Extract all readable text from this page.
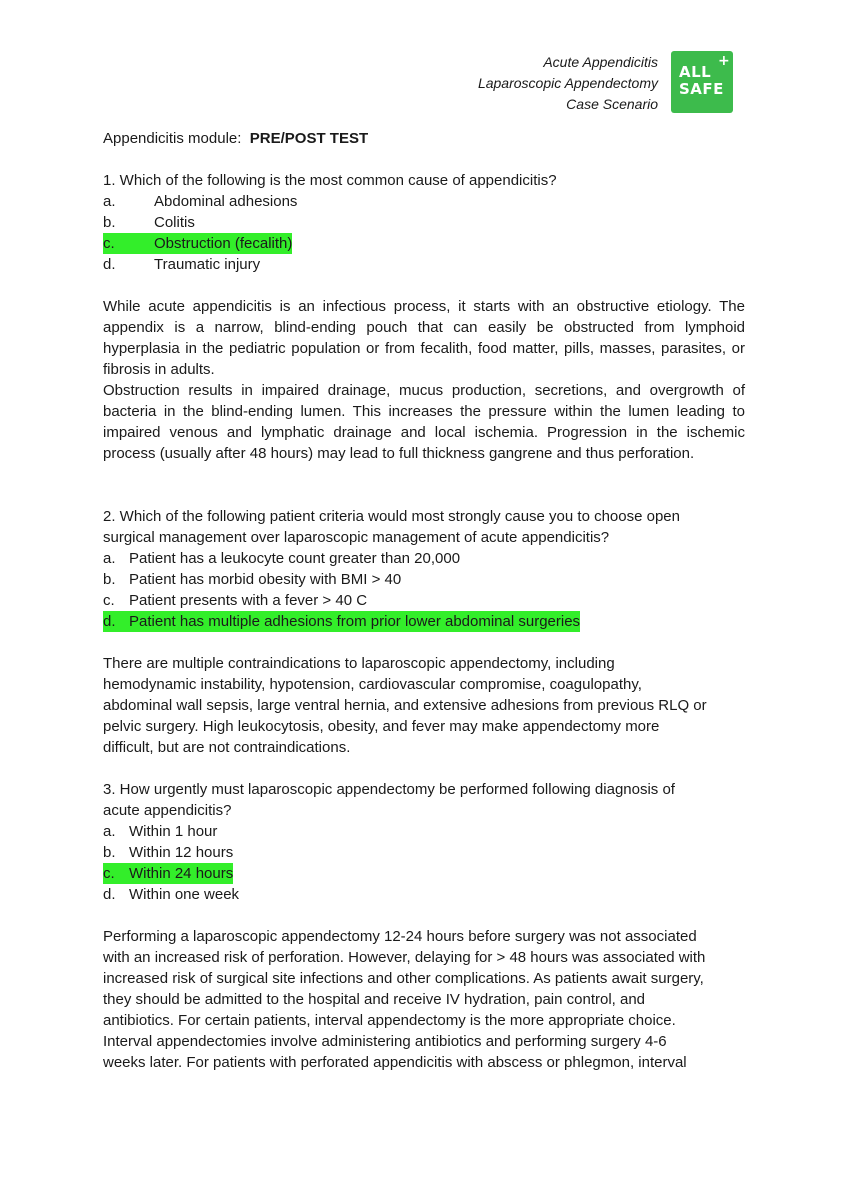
Acute Appendicitis
Laparoscopic Appendectomy
Case Scenario
+
ALL
SAFE
Appendicitis module: PRE/POST TEST
1. Which of the following is the most common cause of appendicitis?
a.	Abdominal adhesions
b.	Colitis
c.	Obstruction (fecalith)
d.	Traumatic injury
While acute appendicitis is an infectious process, it starts with an obstructive etiology. The appendix is a narrow, blind-ending pouch that can easily be obstructed from lymphoid hyperplasia in the pediatric population or from fecalith, food matter, pills, masses, parasites, or fibrosis in adults.
Obstruction results in impaired drainage, mucus production, secretions, and overgrowth of bacteria in the blind-ending lumen. This increases the pressure within the lumen leading to impaired venous and lymphatic drainage and local ischemia. Progression in the ischemic process (usually after 48 hours) may lead to full thickness gangrene and thus perforation.
2. Which of the following patient criteria would most strongly cause you to choose open
surgical management over laparoscopic management of acute appendicitis?
a. Patient has a leukocyte count greater than 20,000
b. Patient has morbid obesity with BMI > 40
c. Patient presents with a fever > 40 C
d. Patient has multiple adhesions from prior lower abdominal surgeries
There are multiple contraindications to laparoscopic appendectomy, including
hemodynamic instability, hypotension, cardiovascular compromise, coagulopathy,
abdominal wall sepsis, large ventral hernia, and extensive adhesions from previous RLQ or
pelvic surgery. High leukocytosis, obesity, and fever may make appendectomy more
difficult, but are not contraindications.
3. How urgently must laparoscopic appendectomy be performed following diagnosis of
acute appendicitis?
a. Within 1 hour
b. Within 12 hours
c. Within 24 hours
d. Within one week
Performing a laparoscopic appendectomy 12-24 hours before surgery was not associated
with an increased risk of perforation. However, delaying for > 48 hours was associated with
increased risk of surgical site infections and other complications. As patients await surgery,
they should be admitted to the hospital and receive IV hydration, pain control, and
antibiotics. For certain patients, interval appendectomy is the more appropriate choice.
Interval appendectomies involve administering antibiotics and performing surgery 4-6
weeks later. For patients with perforated appendicitis with abscess or phlegmon, interval
